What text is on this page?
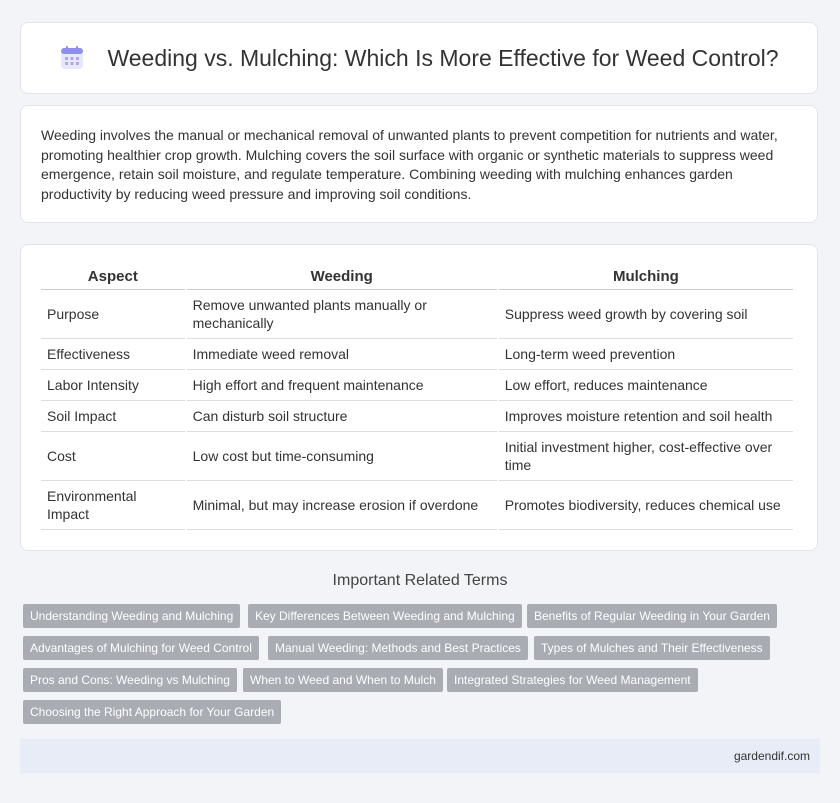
Weeding vs. Mulching: Which Is More Effective for Weed Control?

Weeding involves the manual or mechanical removal of unwanted plants to prevent competition for nutrients and water, promoting healthier crop growth. Mulching covers the soil surface with organic or synthetic materials to suppress weed emergence, retain soil moisture, and regulate temperature. Combining weeding with mulching enhances garden productivity by reducing weed pressure and improving soil conditions.

Aspect	Weeding	Mulching
Purpose	Remove unwanted plants manually or mechanically	Suppress weed growth by covering soil
Effectiveness	Immediate weed removal	Long-term weed prevention
Labor Intensity	High effort and frequent maintenance	Low effort, reduces maintenance
Soil Impact	Can disturb soil structure	Improves moisture retention and soil health
Cost	Low cost but time-consuming	Initial investment higher, cost-effective over time
Environmental Impact	Minimal, but may increase erosion if overdone	Promotes biodiversity, reduces chemical use
Important Related Terms
Understanding Weeding and Mulching	Key Differences Between Weeding and Mulching	Benefits of Regular Weeding in Your Garden
Advantages of Mulching for Weed Control	Manual Weeding: Methods and Best Practices	Types of Mulches and Their Effectiveness
Pros and Cons: Weeding vs Mulching	When to Weed and When to Mulch	Integrated Strategies for Weed Management
Choosing the Right Approach for Your Garden
gardendif.com
